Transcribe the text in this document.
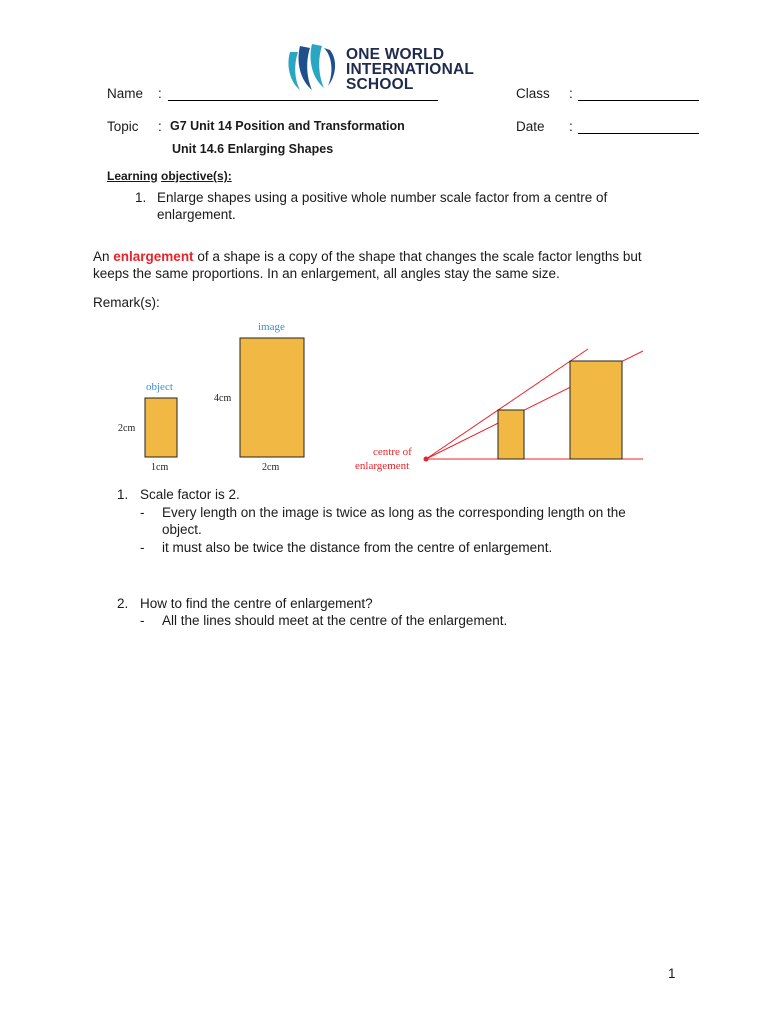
ONE WORLD
INTERNATIONAL
SCHOOL
Name :	Class :
Topic : G7 Unit 14 Position and Transformation	Date :
Unit 14.6 Enlarging Shapes
Learning objective(s):
1. Enlarge shapes using a positive whole number scale factor from a centre of
enlargement.
An enlargement of a shape is a copy of the shape that changes the scale factor lengths but
keeps the same proportions. In an enlargement, all angles stay the same size.
Remark(s):
object
2cm
1cm
image
4cm
2cm
centre of
enlargement
1. Scale factor is 2.
- Every length on the image is twice as long as the corresponding length on the
object.
- it must also be twice the distance from the centre of enlargement.
2. How to find the centre of enlargement?
- All the lines should meet at the centre of the enlargement.
1
